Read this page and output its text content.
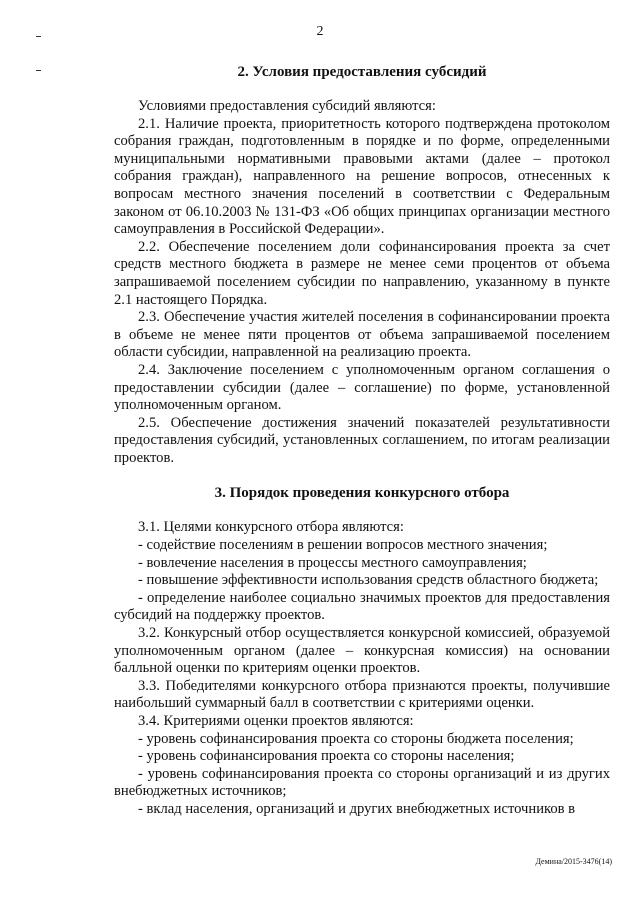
2
2. Условия предоставления субсидий

Условиями предоставления субсидий являются:

2.1. Наличие проекта, приоритетность которого подтверждена протоколом собрания граждан, подготовленным в порядке и по форме, определенными муниципальными нормативными правовыми актами (далее – протокол собрания граждан), направленного на решение вопросов, отнесенных к вопросам местного значения поселений в соответствии с Федеральным законом от 06.10.2003 № 131-ФЗ «Об общих принципах организации местного самоуправления в Российской Федерации».

2.2. Обеспечение поселением доли софинансирования проекта за счет средств местного бюджета в размере не менее семи процентов от объема запрашиваемой поселением субсидии по направлению, указанному в пункте 2.1 настоящего Порядка.

2.3. Обеспечение участия жителей поселения в софинансировании проекта в объеме не менее пяти процентов от объема запрашиваемой поселением области субсидии, направленной на реализацию проекта.

2.4. Заключение поселением с уполномоченным органом соглашения о предоставлении субсидии (далее – соглашение) по форме, установленной уполномоченным органом.

2.5. Обеспечение достижения значений показателей результативности предоставления субсидий, установленных соглашением, по итогам реализации проектов.

3. Порядок проведения конкурсного отбора

3.1. Целями конкурсного отбора являются:

- содействие поселениям в решении вопросов местного значения;

- вовлечение населения в процессы местного самоуправления;

- повышение эффективности использования средств областного бюджета;

- определение наиболее социально значимых проектов для предоставления субсидий на поддержку проектов.

3.2. Конкурсный отбор осуществляется конкурсной комиссией, образуемой уполномоченным органом (далее – конкурсная комиссия) на основании балльной оценки по критериям оценки проектов.

3.3. Победителями конкурсного отбора признаются проекты, получившие наибольший суммарный балл в соответствии с критериями оценки.

3.4. Критериями оценки проектов являются:

- уровень софинансирования проекта со стороны бюджета поселения;

- уровень софинансирования проекта со стороны населения;

- уровень софинансирования проекта со стороны организаций и из других внебюджетных источников;

- вклад населения, организаций и других внебюджетных источников в

Демина/2015-3476(14)
